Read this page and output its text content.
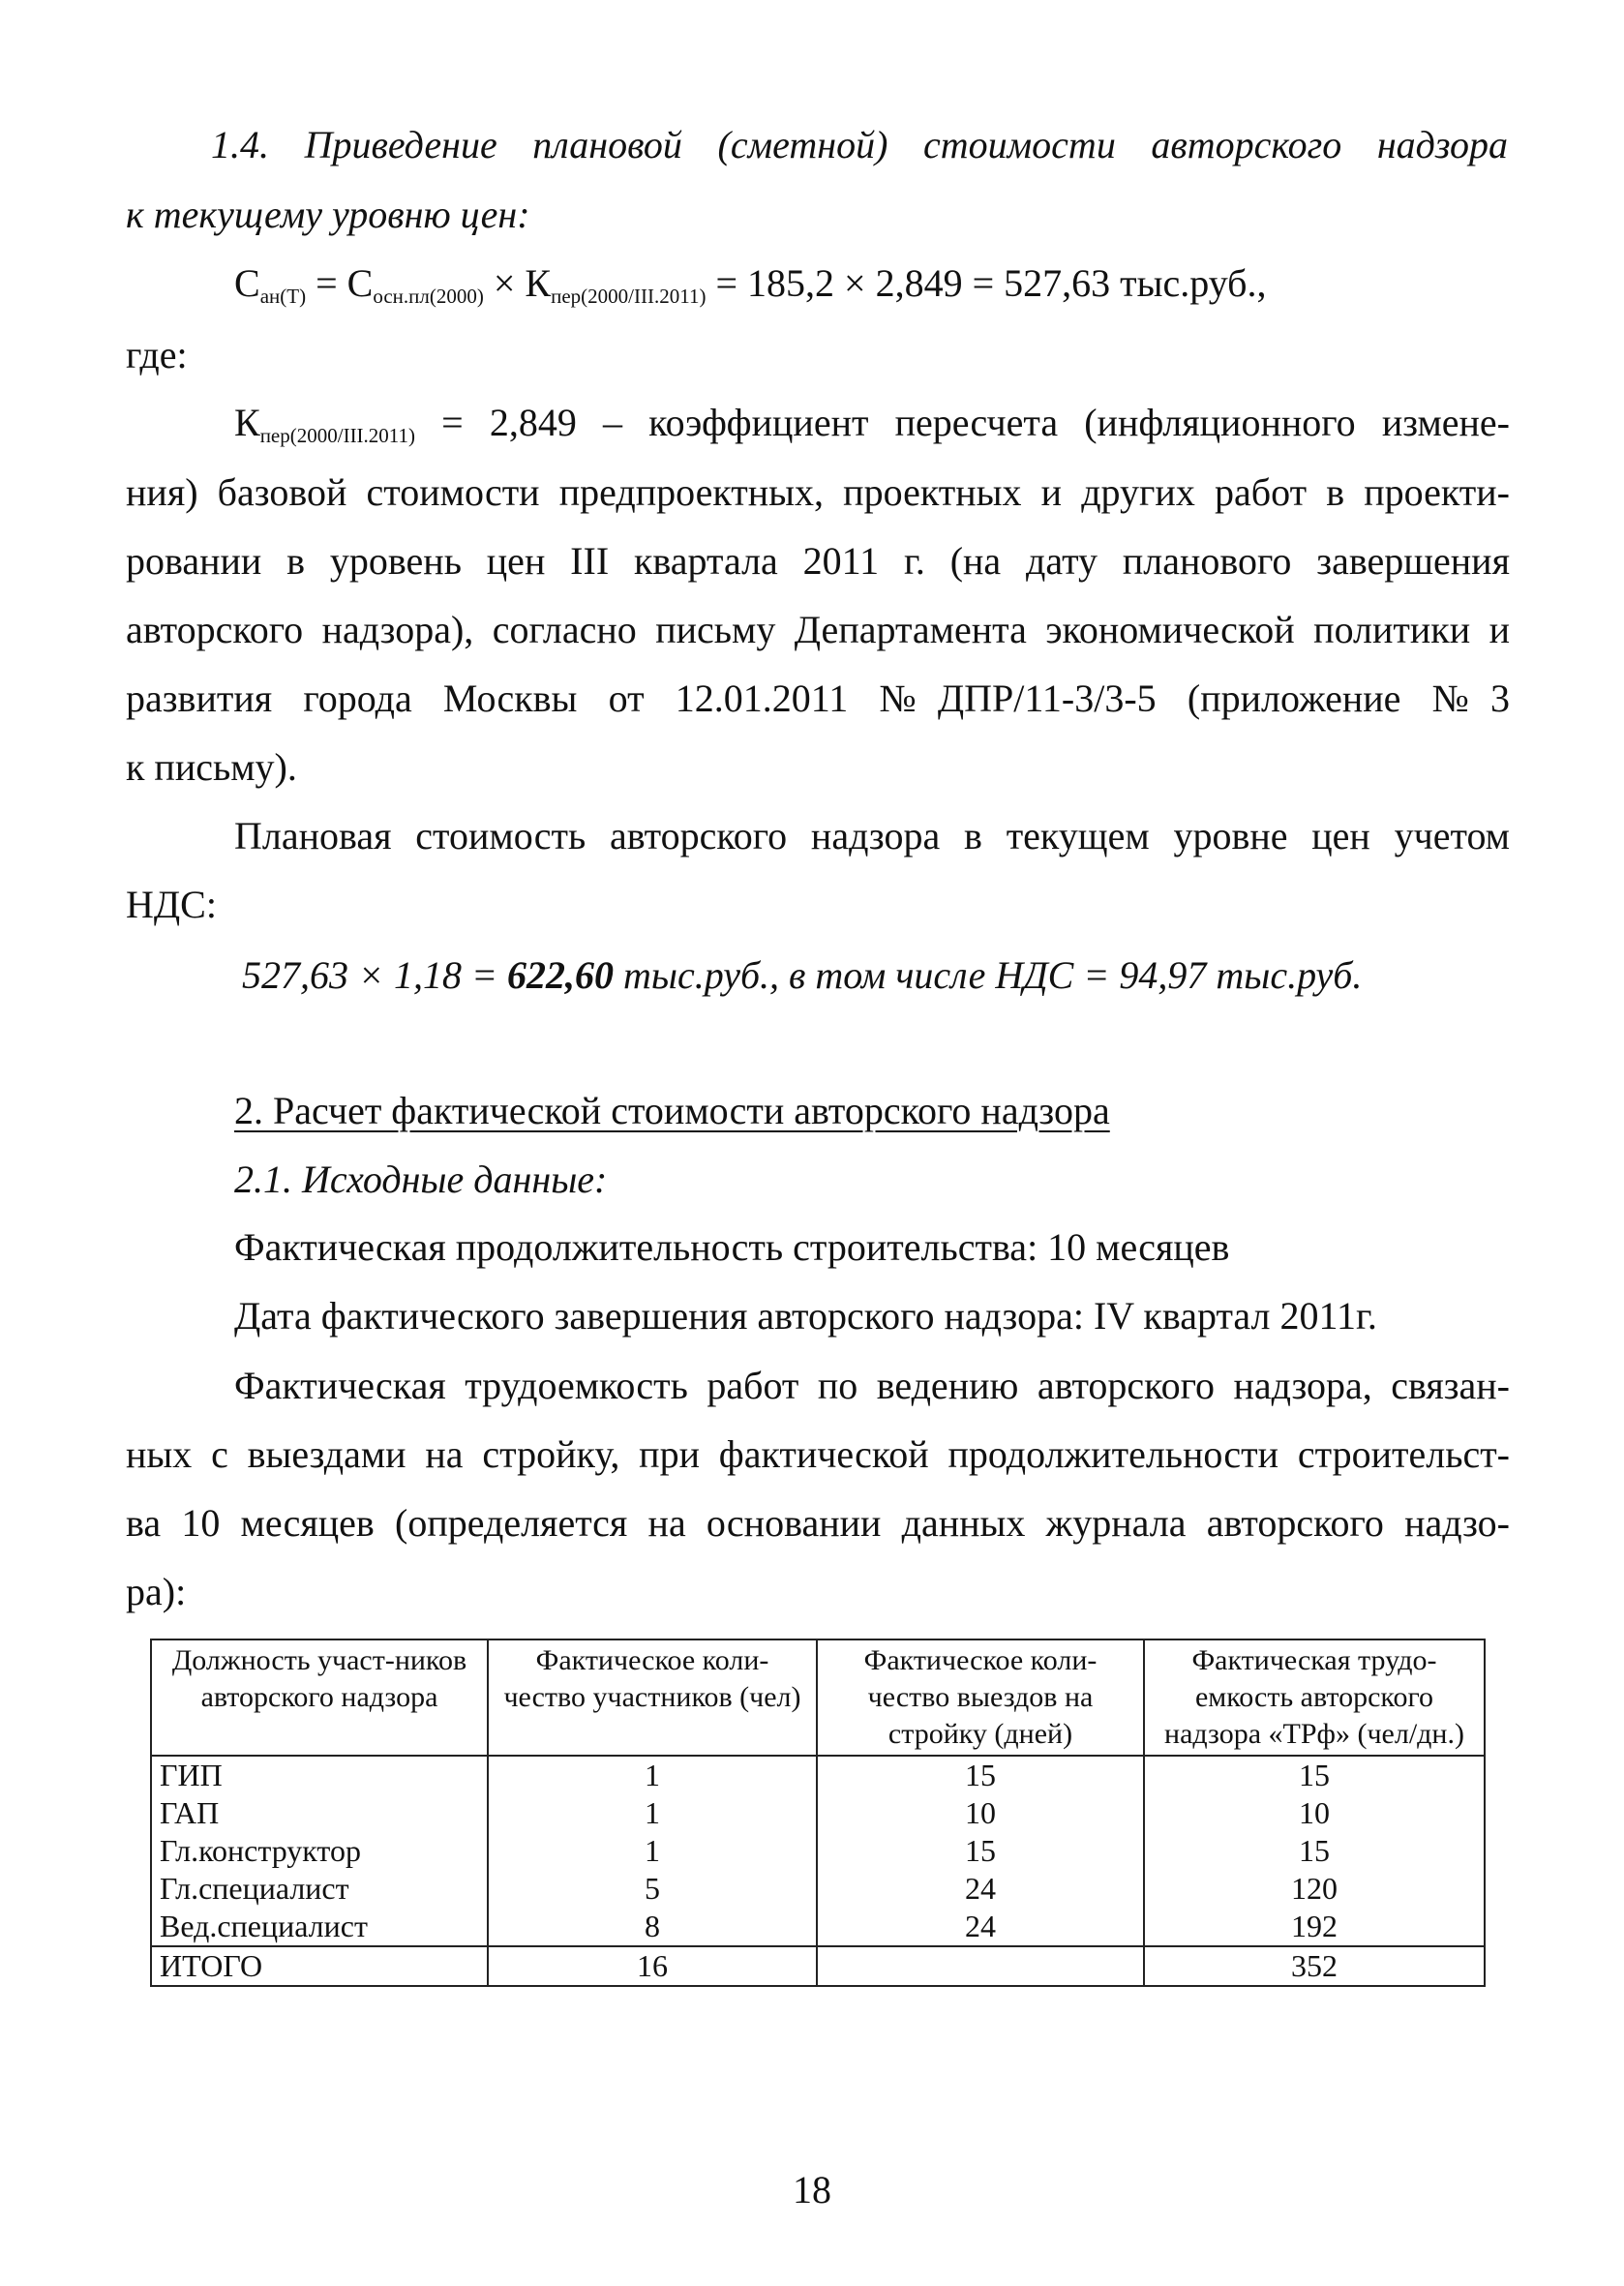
1.4. Приведение плановой (сметной) стоимости авторского надзора
к текущему уровню цен:
$С_{ан(Т)} = С_{осн.пл(2000)} \times К_{пер(2000/III.2011)} = 185,2 \times 2,849 = 527,63$ тыс.руб.,
где:
$К_{пер(2000/III.2011)} = 2,849$ – коэффициент пересчета (инфляционного измене-
ния) базовой стоимости предпроектных, проектных и других работ в проекти-
ровании в уровень цен III квартала 2011 г. (на дату планового завершения
авторского надзора), согласно письму Департамента экономической политики и
развития города Москвы от 12.01.2011 №ДПР/11-3/3-5 (приложение №3
к письму).
Плановая стоимость авторского надзора в текущем уровне цен учетом
НДС:
527,63 × 1,18 = 622,60 тыс.руб., в том числе НДС = 94,97 тыс.руб.
2. Расчет фактической стоимости авторского надзора
2.1. Исходные данные:
Фактическая продолжительность строительства: 10 месяцев
Дата фактического завершения авторского надзора: IV квартал 2011г.
Фактическая трудоемкость работ по ведению авторского надзора, связан-
ных с выездами на стройку, при фактической продолжительности строительст-
ва 10 месяцев (определяется на основании данных журнала авторского надзо-
ра):
Должность участ-ников авторского надзора	Фактическое коли-чество участников (чел)	Фактическое коли-чество выездов на стройку (дней)	Фактическая трудо-емкость авторского надзора «ТРф» (чел/дн.)
ГИП	1	15	15
ГАП	1	10	10
Гл.конструктор	1	15	15
Гл.специалист	5	24	120
Вед.специалист	8	24	192
ИТОГО	16		352
18
